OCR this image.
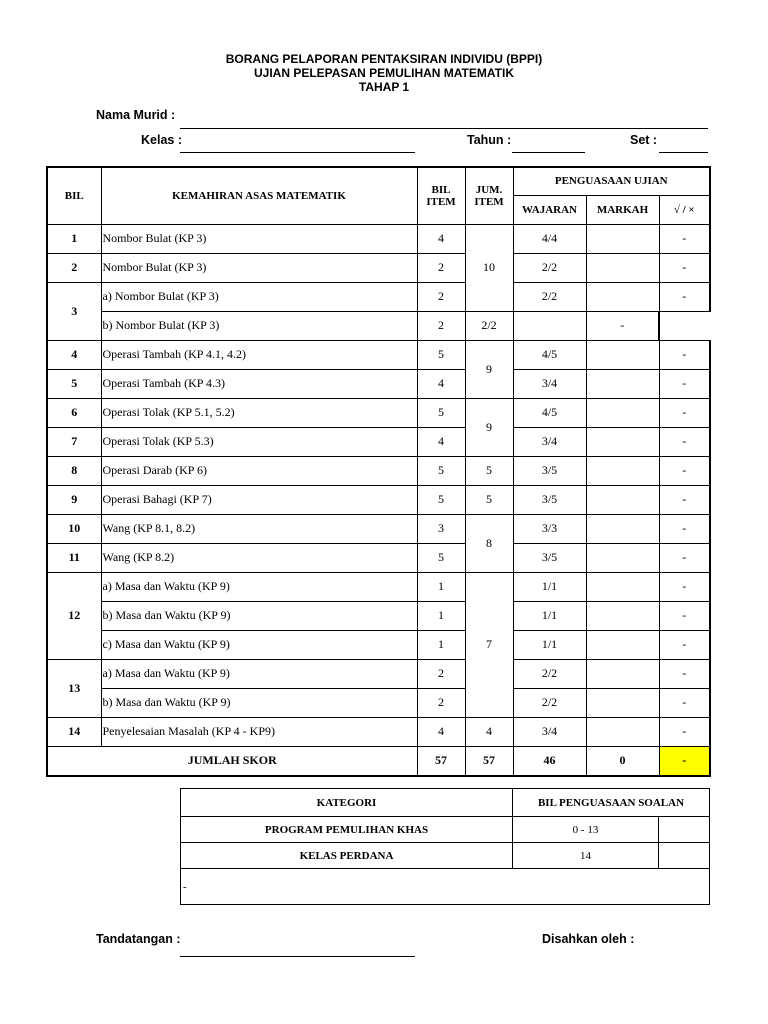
BORANG PELAPORAN PENTAKSIRAN INDIVIDU (BPPI)
UJIAN PELEPASAN PEMULIHAN MATEMATIK
TAHAP 1
Nama Murid :
Kelas :	Tahun :	Set :
BIL	KEMAHIRAN ASAS MATEMATIK	BIL ITEM	JUM. ITEM	PENGUASAAN UJIAN		
				WAJARAN	MARKAH	√ / ×
1	Nombor Bulat (KP 3)	4	10	4/4		-
2	Nombor Bulat (KP 3)	2		2/2		-
3	a) Nombor Bulat (KP 3)	2		2/2		-
	b) Nombor Bulat (KP 3)	2	2/2		-	
4	Operasi Tambah (KP 4.1, 4.2)	5	9	4/5		-
5	Operasi Tambah (KP 4.3)	4		3/4		-
6	Operasi Tolak (KP 5.1, 5.2)	5	9	4/5		-
7	Operasi Tolak (KP 5.3)	4		3/4		-
8	Operasi Darab (KP 6)	5	5	3/5		-
9	Operasi Bahagi (KP 7)	5	5	3/5		-
10	Wang (KP 8.1, 8.2)	3	8	3/3		-
11	Wang (KP 8.2)	5		3/5		-
12	a) Masa dan Waktu (KP 9)	1	7	1/1		-
	b) Masa dan Waktu (KP 9)	1		1/1		-
	c) Masa dan Waktu (KP 9)	1		1/1		-
13	a) Masa dan Waktu (KP 9)	2		2/2		-
	b) Masa dan Waktu (KP 9)	2		2/2		-
14	Penyelesaian Masalah (KP 4 - KP9)	4	4	3/4		-
JUMLAH SKOR		57	57	46	0	-
KATEGORI	BIL PENGUASAAN SOALAN	
PROGRAM PEMULIHAN KHAS	0 - 13	
KELAS PERDANA	14	
-		
Tandatangan :	Disahkan oleh :
